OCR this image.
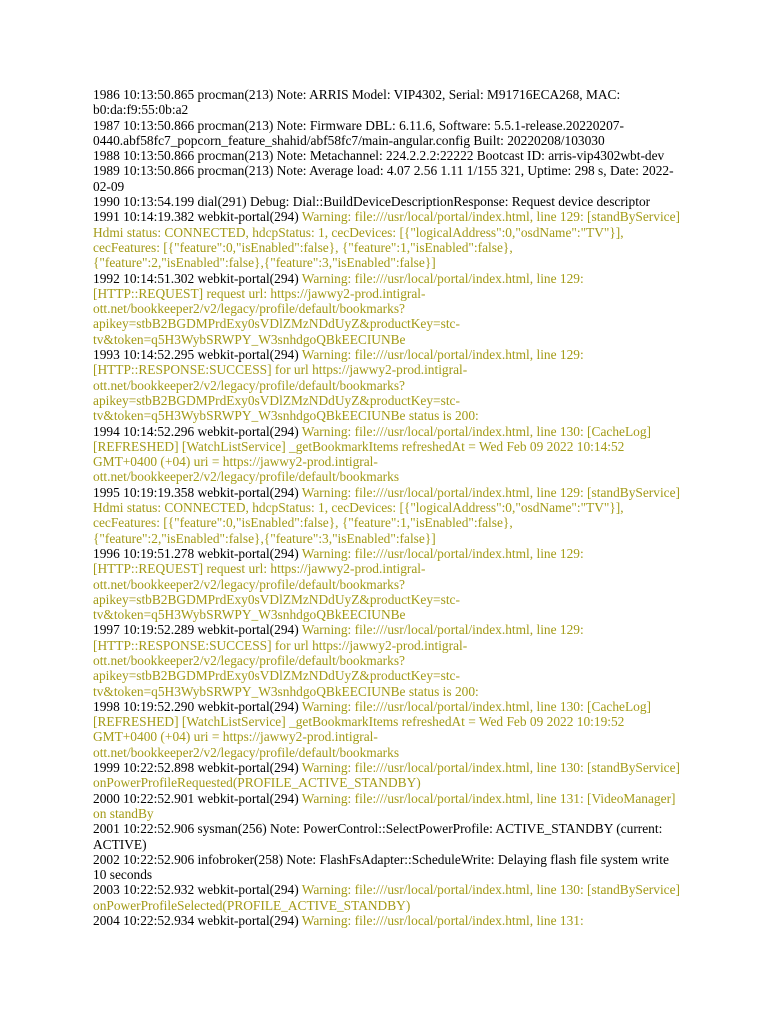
1986 10:13:50.865 procman(213) Note: ARRIS Model: VIP4302, Serial: M91716ECA268, MAC: b0:da:f9:55:0b:a2

1987 10:13:50.866 procman(213) Note: Firmware DBL: 6.11.6, Software: 5.5.1-release.20220207-0440.abf58fc7_popcorn_feature_shahid/abf58fc7/main-angular.config Built: 20220208/103030

1988 10:13:50.866 procman(213) Note: Metachannel: 224.2.2.2:22222 Bootcast ID: arris-vip4302wbt-dev

1989 10:13:50.866 procman(213) Note: Average load: 4.07 2.56 1.11 1/155 321, Uptime: 298 s, Date: 2022-02-09

1990 10:13:54.199 dial(291) Debug: Dial::BuildDeviceDescriptionResponse: Request device descriptor

1991 10:14:19.382 webkit-portal(294) Warning: file:///usr/local/portal/index.html, line 129: [standByService] Hdmi status: CONNECTED, hdcpStatus: 1, cecDevices: [{"logicalAddress":0,"osdName":"TV"}], cecFeatures: [{"feature":0,"isEnabled":false}, {"feature":1,"isEnabled":false},{"feature":2,"isEnabled":false},{"feature":3,"isEnabled":false}]

1992 10:14:51.302 webkit-portal(294) Warning: file:///usr/local/portal/index.html, line 129: [HTTP::REQUEST] request url: https://jawwy2-prod.intigral-ott.net/bookkeeper2/v2/legacy/profile/default/bookmarks?apikey=stbB2BGDMPrdExy0sVDlZMzNDdUyZ&productKey=stc-tv&token=q5H3WybSRWPY_W3snhdgoQBkEECIUNBe

1993 10:14:52.295 webkit-portal(294) Warning: file:///usr/local/portal/index.html, line 129: [HTTP::RESPONSE:SUCCESS] for url https://jawwy2-prod.intigral-ott.net/bookkeeper2/v2/legacy/profile/default/bookmarks?apikey=stbB2BGDMPrdExy0sVDlZMzNDdUyZ&productKey=stc-tv&token=q5H3WybSRWPY_W3snhdgoQBkEECIUNBe status is 200:

1994 10:14:52.296 webkit-portal(294) Warning: file:///usr/local/portal/index.html, line 130: [CacheLog] [REFRESHED] [WatchListService] _getBookmarkItems refreshedAt = Wed Feb 09 2022 10:14:52 GMT+0400 (+04) uri = https://jawwy2-prod.intigral-ott.net/bookkeeper2/v2/legacy/profile/default/bookmarks

1995 10:19:19.358 webkit-portal(294) Warning: file:///usr/local/portal/index.html, line 129: [standByService] Hdmi status: CONNECTED, hdcpStatus: 1, cecDevices: [{"logicalAddress":0,"osdName":"TV"}], cecFeatures: [{"feature":0,"isEnabled":false}, {"feature":1,"isEnabled":false},{"feature":2,"isEnabled":false},{"feature":3,"isEnabled":false}]

1996 10:19:51.278 webkit-portal(294) Warning: file:///usr/local/portal/index.html, line 129: [HTTP::REQUEST] request url: https://jawwy2-prod.intigral-ott.net/bookkeeper2/v2/legacy/profile/default/bookmarks?apikey=stbB2BGDMPrdExy0sVDlZMzNDdUyZ&productKey=stc-tv&token=q5H3WybSRWPY_W3snhdgoQBkEECIUNBe

1997 10:19:52.289 webkit-portal(294) Warning: file:///usr/local/portal/index.html, line 129: [HTTP::RESPONSE:SUCCESS] for url https://jawwy2-prod.intigral-ott.net/bookkeeper2/v2/legacy/profile/default/bookmarks?apikey=stbB2BGDMPrdExy0sVDlZMzNDdUyZ&productKey=stc-tv&token=q5H3WybSRWPY_W3snhdgoQBkEECIUNBe status is 200:

1998 10:19:52.290 webkit-portal(294) Warning: file:///usr/local/portal/index.html, line 130: [CacheLog] [REFRESHED] [WatchListService] _getBookmarkItems refreshedAt = Wed Feb 09 2022 10:19:52 GMT+0400 (+04) uri = https://jawwy2-prod.intigral-ott.net/bookkeeper2/v2/legacy/profile/default/bookmarks

1999 10:22:52.898 webkit-portal(294) Warning: file:///usr/local/portal/index.html, line 130: [standByService] onPowerProfileRequested(PROFILE_ACTIVE_STANDBY)

2000 10:22:52.901 webkit-portal(294) Warning: file:///usr/local/portal/index.html, line 131: [VideoManager] on standBy

2001 10:22:52.906 sysman(256) Note: PowerControl::SelectPowerProfile: ACTIVE_STANDBY (current: ACTIVE)

2002 10:22:52.906 infobroker(258) Note: FlashFsAdapter::ScheduleWrite: Delaying flash file system write 10 seconds

2003 10:22:52.932 webkit-portal(294) Warning: file:///usr/local/portal/index.html, line 130: [standByService] onPowerProfileSelected(PROFILE_ACTIVE_STANDBY)

2004 10:22:52.934 webkit-portal(294) Warning: file:///usr/local/portal/index.html, line 131:
